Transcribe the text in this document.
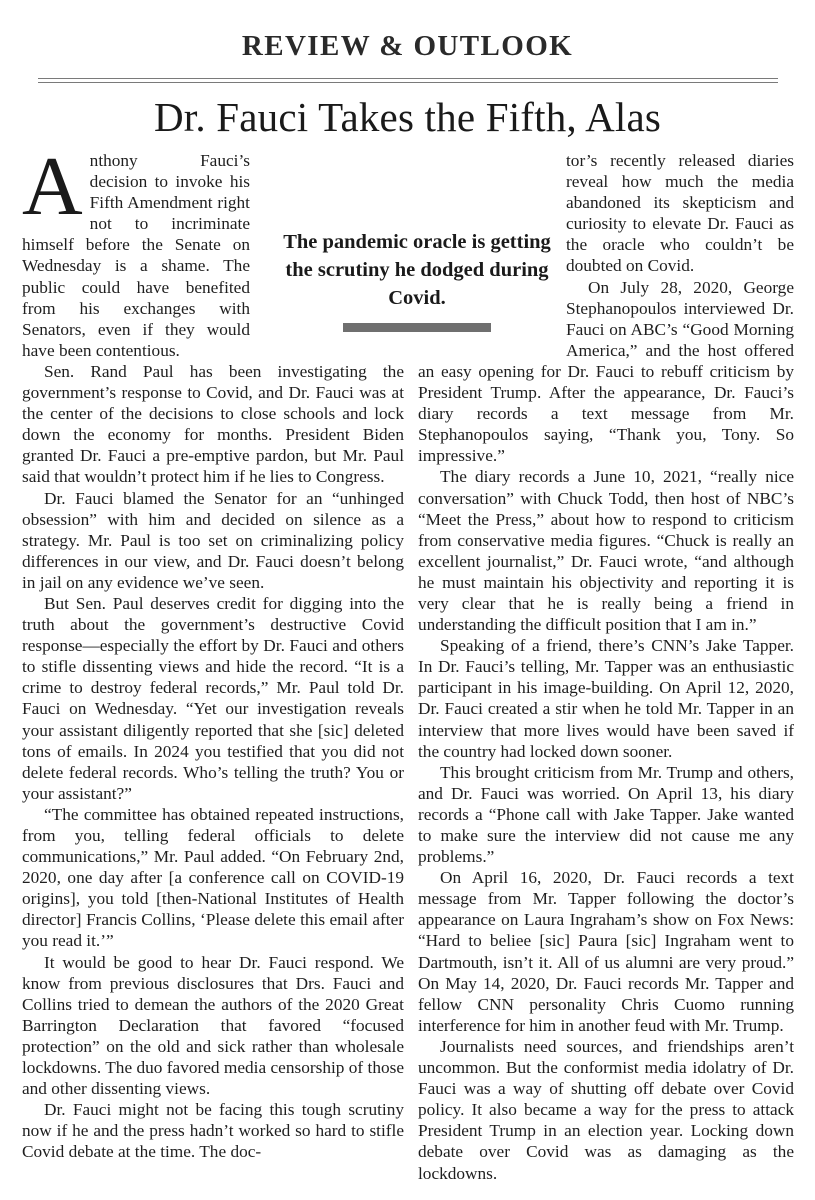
REVIEW & OUTLOOK
Dr. Fauci Takes the Fifth, Alas

Anthony Fauci’s decision to invoke his Fifth Amendment right not to incriminate himself before the Senate on Wednesday is a shame. The public could have benefited from his exchanges with Senators, even if they would have been contentious.

Sen. Rand Paul has been investigating the government’s response to Covid, and Dr. Fauci was at the center of the decisions to close schools and lock down the economy for months. President Biden granted Dr. Fauci a pre-emptive pardon, but Mr. Paul said that wouldn’t protect him if he lies to Congress.

Dr. Fauci blamed the Senator for an “unhinged obsession” with him and decided on silence as a strategy. Mr. Paul is too set on criminalizing policy differences in our view, and Dr. Fauci doesn’t belong in jail on any evidence we’ve seen.

But Sen. Paul deserves credit for digging into the truth about the government’s destructive Covid response—especially the effort by Dr. Fauci and others to stifle dissenting views and hide the record. “It is a crime to destroy federal records,” Mr. Paul told Dr. Fauci on Wednesday. “Yet our investigation reveals your assistant diligently reported that she [sic] deleted tons of emails. In 2024 you testified that you did not delete federal records. Who’s telling the truth? You or your assistant?”

“The committee has obtained repeated instructions, from you, telling federal officials to delete communications,” Mr. Paul added. “On February 2nd, 2020, one day after [a conference call on COVID-19 origins], you told [then-National Institutes of Health director] Francis Collins, ‘Please delete this email after you read it.’”

It would be good to hear Dr. Fauci respond. We know from previous disclosures that Drs. Fauci and Collins tried to demean the authors of the 2020 Great Barrington Declaration that favored “focused protection” on the old and sick rather than wholesale lockdowns. The duo favored media censorship of those and other dissenting views.

Dr. Fauci might not be facing this tough scrutiny now if he and the press hadn’t worked so hard to stifle Covid debate at the time. The doc-

tor’s recently released diaries reveal how much the media abandoned its skepticism and curiosity to elevate Dr. Fauci as the oracle who couldn’t be doubted on Covid.

On July 28, 2020, George Stephanopoulos interviewed Dr. Fauci on ABC’s “Good Morning America,” and the host offered an easy opening for Dr. Fauci to rebuff criticism by President Trump. After the appearance, Dr. Fauci’s diary records a text message from Mr. Stephanopoulos saying, “Thank you, Tony. So impressive.”

The diary records a June 10, 2021, “really nice conversation” with Chuck Todd, then host of NBC’s “Meet the Press,” about how to respond to criticism from conservative media figures. “Chuck is really an excellent journalist,” Dr. Fauci wrote, “and although he must maintain his objectivity and reporting it is very clear that he is really being a friend in understanding the difficult position that I am in.”

Speaking of a friend, there’s CNN’s Jake Tapper. In Dr. Fauci’s telling, Mr. Tapper was an enthusiastic participant in his image-building. On April 12, 2020, Dr. Fauci created a stir when he told Mr. Tapper in an interview that more lives would have been saved if the country had locked down sooner.

This brought criticism from Mr. Trump and others, and Dr. Fauci was worried. On April 13, his diary records a “Phone call with Jake Tapper. Jake wanted to make sure the interview did not cause me any problems.”

On April 16, 2020, Dr. Fauci records a text message from Mr. Tapper following the doctor’s appearance on Laura Ingraham’s show on Fox News: “Hard to beliee [sic] Paura [sic] Ingraham went to Dartmouth, isn’t it. All of us alumni are very proud.” On May 14, 2020, Dr. Fauci records Mr. Tapper and fellow CNN personality Chris Cuomo running interference for him in another feud with Mr. Trump.

Journalists need sources, and friendships aren’t uncommon. But the conformist media idolatry of Dr. Fauci was a way of shutting off debate over Covid policy. It also became a way for the press to attack President Trump in an election year. Locking down debate over Covid was as damaging as the lockdowns.

The pandemic oracle is getting the scrutiny he dodged during Covid.
